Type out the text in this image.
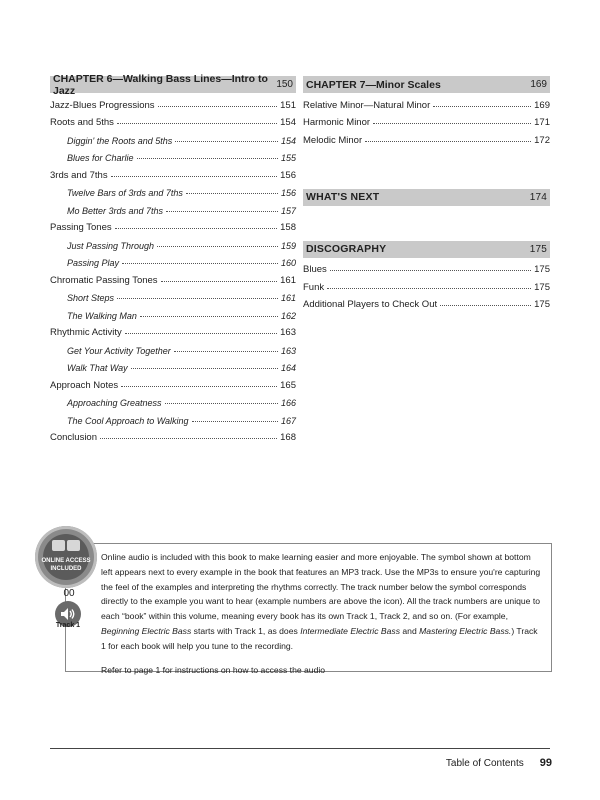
CHAPTER 6—Walking Bass Lines—Intro to Jazz	150
Jazz-Blues Progressions	151
Roots and 5ths	154
Diggin' the Roots and 5ths	154
Blues for Charlie	155
3rds and 7ths	156
Twelve Bars of 3rds and 7ths	156
Mo Better 3rds and 7ths	157
Passing Tones	158
Just Passing Through	159
Passing Play	160
Chromatic Passing Tones	161
Short Steps	161
The Walking Man	162
Rhythmic Activity	163
Get Your Activity Together	163
Walk That Way	164
Approach Notes	165
Approaching Greatness	166
The Cool Approach to Walking	167
Conclusion	168
CHAPTER 7—Minor Scales	169
Relative Minor—Natural Minor	169
Harmonic Minor	171
Melodic Minor	172
WHAT'S NEXT	174
DISCOGRAPHY	175
Blues	175
Funk	175
Additional Players to Check Out	175

Online audio is included with this book to make learning easier and more enjoyable. The symbol shown at bottom left appears next to every example in the book that features an MP3 track. Use the MP3s to ensure you're capturing the feel of the examples and interpreting the rhythms correctly. The track number below the symbol corresponds directly to the example you want to hear (example numbers are above the icon). All the track numbers are unique to each “book” within this volume, meaning every book has its own Track 1, Track 2, and so on. (For example, Beginning Electric Bass starts with Track 1, as does Intermediate Electric Bass and Mastering Electric Bass.) Track 1 for each book will help you tune to the recording.

Refer to page 1 for instructions on how to access the audio

ONLINE ACCESS
INCLUDED
00
Track 1
Table of Contents 99
